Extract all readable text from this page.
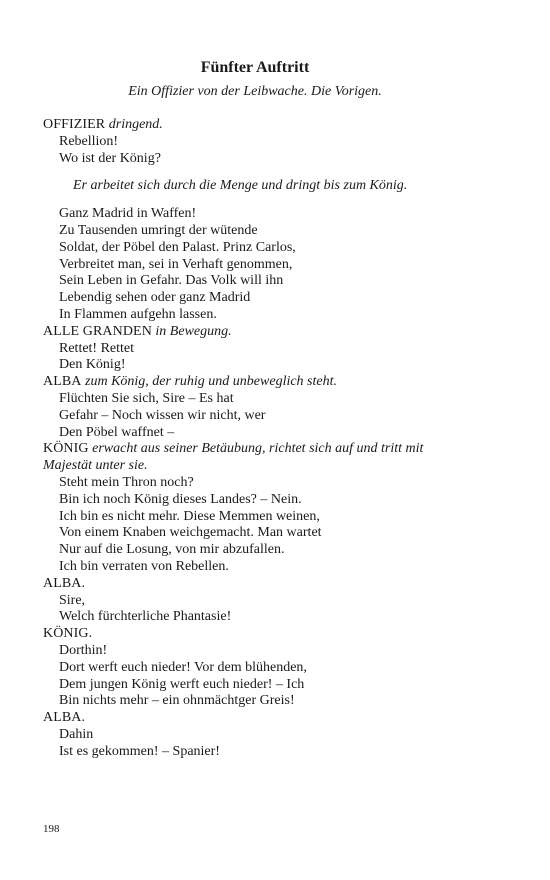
Fünfter Auftritt
Ein Offizier von der Leibwache. Die Vorigen.
OFFIZIER dringend.
Rebellion!
Wo ist der König?
Er arbeitet sich durch die Menge und dringt bis zum König.
Ganz Madrid in Waffen!
Zu Tausenden umringt der wütende
Soldat, der Pöbel den Palast. Prinz Carlos,
Verbreitet man, sei in Verhaft genommen,
Sein Leben in Gefahr. Das Volk will ihn
Lebendig sehen oder ganz Madrid
In Flammen aufgehn lassen.
ALLE GRANDEN in Bewegung.
Rettet! Rettet
Den König!
ALBA zum König, der ruhig und unbeweglich steht.
Flüchten Sie sich, Sire – Es hat
Gefahr – Noch wissen wir nicht, wer
Den Pöbel waffnet –
KÖNIG erwacht aus seiner Betäubung, richtet sich auf und tritt mit
Majestät unter sie.
Steht mein Thron noch?
Bin ich noch König dieses Landes? – Nein.
Ich bin es nicht mehr. Diese Memmen weinen,
Von einem Knaben weichgemacht. Man wartet
Nur auf die Losung, von mir abzufallen.
Ich bin verraten von Rebellen.
ALBA.
Sire,
Welch fürchterliche Phantasie!
KÖNIG.
Dorthin!
Dort werft euch nieder! Vor dem blühenden,
Dem jungen König werft euch nieder! – Ich
Bin nichts mehr – ein ohnmächtger Greis!
ALBA.
Dahin
Ist es gekommen! – Spanier!
198
